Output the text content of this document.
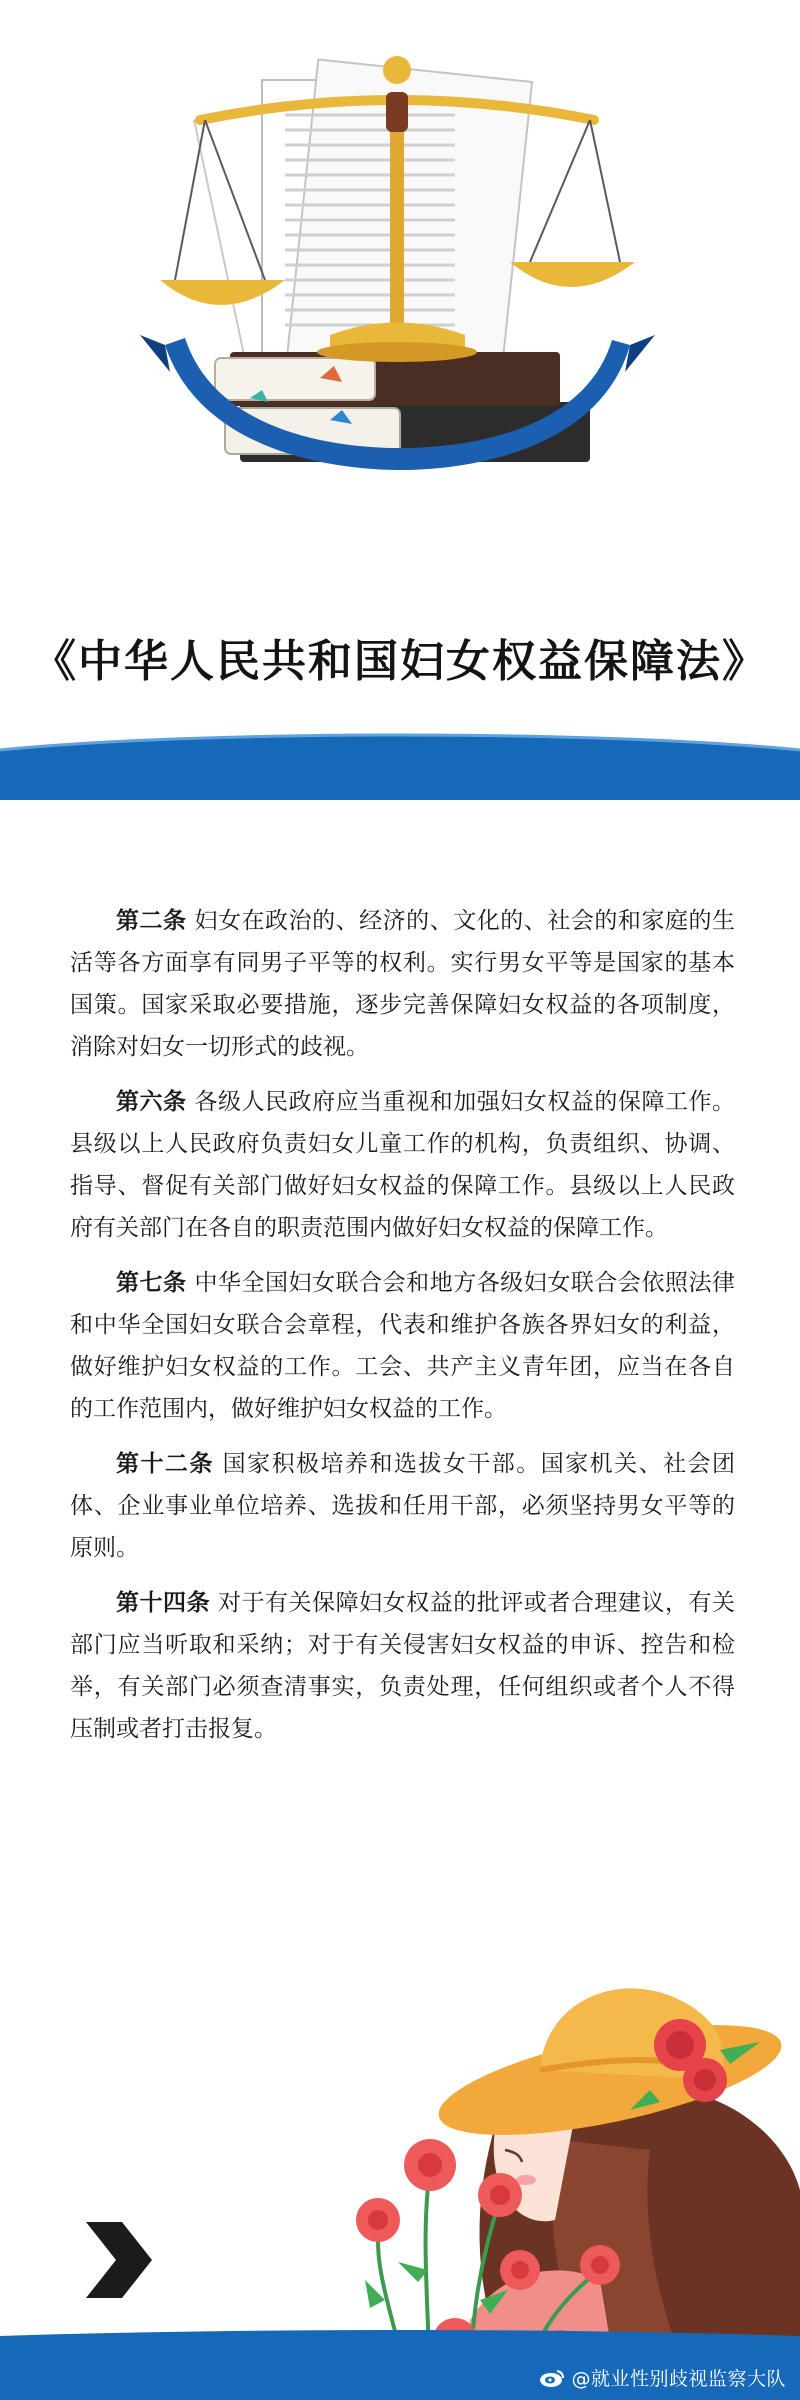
《中华人民共和国妇女权益保障法》

第二条 妇女在政治的、经济的、文化的、社会的和家庭的生活等各方面享有同男子平等的权利。实行男女平等是国家的基本国策。国家采取必要措施，逐步完善保障妇女权益的各项制度，消除对妇女一切形式的歧视。

第六条 各级人民政府应当重视和加强妇女权益的保障工作。县级以上人民政府负责妇女儿童工作的机构，负责组织、协调、指导、督促有关部门做好妇女权益的保障工作。县级以上人民政府有关部门在各自的职责范围内做好妇女权益的保障工作。

第七条 中华全国妇女联合会和地方各级妇女联合会依照法律和中华全国妇女联合会章程，代表和维护各族各界妇女的利益，做好维护妇女权益的工作。工会、共产主义青年团，应当在各自的工作范围内，做好维护妇女权益的工作。

第十二条 国家积极培养和选拔女干部。国家机关、社会团体、企业事业单位培养、选拔和任用干部，必须坚持男女平等的原则。

第十四条 对于有关保障妇女权益的批评或者合理建议，有关部门应当听取和采纳；对于有关侵害妇女权益的申诉、控告和检举，有关部门必须查清事实，负责处理，任何组织或者个人不得压制或者打击报复。

@就业性别歧视监察大队
